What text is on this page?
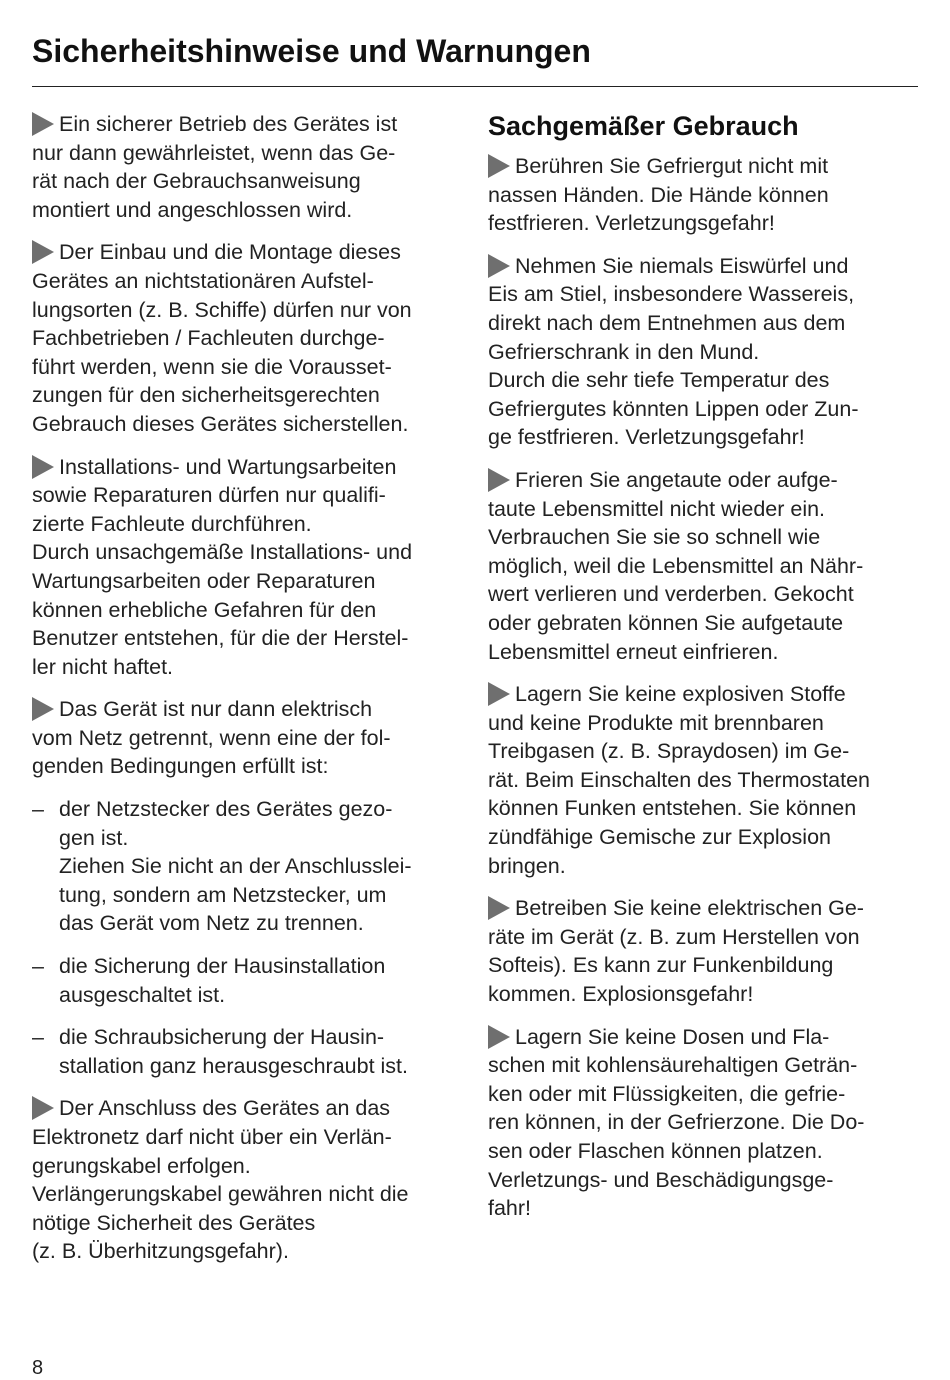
Sicherheitshinweise und Warnungen

Ein sicherer Betrieb des Gerätes ist
nur dann gewährleistet, wenn das Ge-
rät nach der Gebrauchsanweisung
montiert und angeschlossen wird.

Der Einbau und die Montage dieses
Gerätes an nichtstationären Aufstel-
lungsorten (z. B. Schiffe) dürfen nur von
Fachbetrieben / Fachleuten durchge-
führt werden, wenn sie die Vorausset-
zungen für den sicherheitsgerechten
Gebrauch dieses Gerätes sicherstellen.

Installations- und Wartungsarbeiten
sowie Reparaturen dürfen nur qualifi-
zierte Fachleute durchführen.
Durch unsachgemäße Installations- und
Wartungsarbeiten oder Reparaturen
können erhebliche Gefahren für den
Benutzer entstehen, für die der Herstel-
ler nicht haftet.

Das Gerät ist nur dann elektrisch
vom Netz getrennt, wenn eine der fol-
genden Bedingungen erfüllt ist:

– der Netzstecker des Gerätes gezo-
gen ist.
Ziehen Sie nicht an der Anschlusslei-
tung, sondern am Netzstecker, um
das Gerät vom Netz zu trennen.
– die Sicherung der Hausinstallation
ausgeschaltet ist.
– die Schraubsicherung der Hausin-
stallation ganz herausgeschraubt ist.

Der Anschluss des Gerätes an das
Elektronetz darf nicht über ein Verlän-
gerungskabel erfolgen.
Verlängerungskabel gewähren nicht die
nötige Sicherheit des Gerätes
(z. B. Überhitzungsgefahr).

Sachgemäßer Gebrauch

Berühren Sie Gefriergut nicht mit
nassen Händen. Die Hände können
festfrieren. Verletzungsgefahr!

Nehmen Sie niemals Eiswürfel und
Eis am Stiel, insbesondere Wassereis,
direkt nach dem Entnehmen aus dem
Gefrierschrank in den Mund.
Durch die sehr tiefe Temperatur des
Gefriergutes könnten Lippen oder Zun-
ge festfrieren. Verletzungsgefahr!

Frieren Sie angetaute oder aufge-
taute Lebensmittel nicht wieder ein.
Verbrauchen Sie sie so schnell wie
möglich, weil die Lebensmittel an Nähr-
wert verlieren und verderben. Gekocht
oder gebraten können Sie aufgetaute
Lebensmittel erneut einfrieren.

Lagern Sie keine explosiven Stoffe
und keine Produkte mit brennbaren
Treibgasen (z. B. Spraydosen) im Ge-
rät. Beim Einschalten des Thermostaten
können Funken entstehen. Sie können
zündfähige Gemische zur Explosion
bringen.

Betreiben Sie keine elektrischen Ge-
räte im Gerät (z. B. zum Herstellen von
Softeis). Es kann zur Funkenbildung
kommen. Explosionsgefahr!

Lagern Sie keine Dosen und Fla-
schen mit kohlensäurehaltigen Geträn-
ken oder mit Flüssigkeiten, die gefrie-
ren können, in der Gefrierzone. Die Do-
sen oder Flaschen können platzen.
Verletzungs- und Beschädigungsge-
fahr!

8
